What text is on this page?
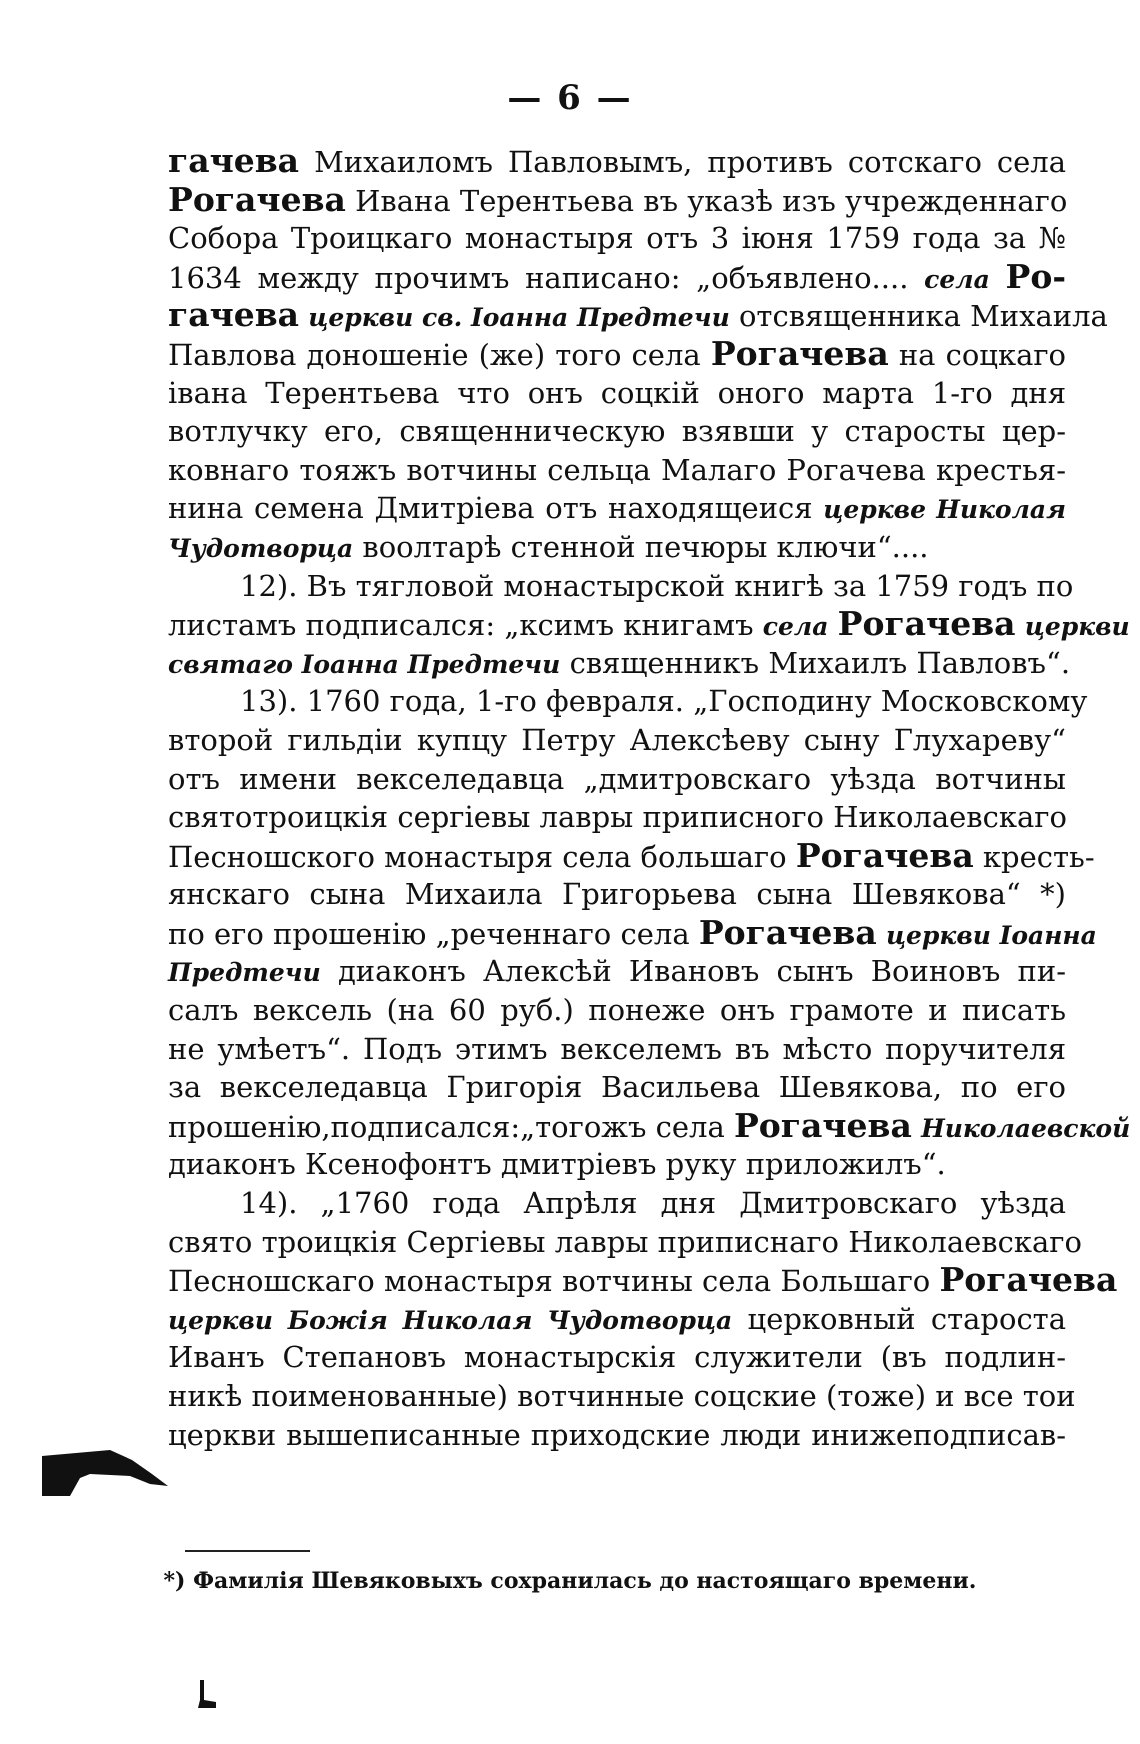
— 6 —
гачева Михаиломъ Павловымъ, противъ сотскаго села
Рогачева Ивана Терентьева въ указѣ изъ учрежденнаго
Собора Троицкаго монастыря отъ 3 іюня 1759 года за №
1634 между прочимъ написано: „объявлено.... села Ро-
гачева церкви св. Іоанна Предтечи отсвященника Михаила
Павлова доношеніе (же) того села Рогачева на соцкаго
івана Терентьева что онъ соцкій оного марта 1-го дня
вотлучку его, священническую взявши у старосты цер-
ковнаго тояжъ вотчины сельца Малаго Рогачева крестья-
нина семена Дмитріева отъ находящеися церкве Николая
Чудотворца воолтарѣ стенной печюры ключи“....
12). Въ тягловой монастырской книгѣ за 1759 годъ по
листамъ подписался: „ксимъ книгамъ села Рогачева церкви
святаго Іоанна Предтечи священникъ Михаилъ Павловъ“.
13). 1760 года, 1-го февраля. „Господину Московскому
второй гильдіи купцу Петру Алексѣеву сыну Глухареву“
отъ имени векселедавца „дмитровскаго уѣзда вотчины
святотроицкія сергіевы лавры приписного Николаевскаго
Песношского монастыря села большаго Рогачева кресть-
янскаго сына Михаила Григорьева сына Шевякова“ *)
по его прошенію „реченнаго села Рогачева церкви Іоанна
Предтечи диаконъ Алексѣй Ивановъ сынъ Воиновъ пи-
салъ вексель (на 60 руб.) понеже онъ грамоте и писать
не умѣетъ“. Подъ этимъ векселемъ въ мѣсто поручителя
за векселедавца Григорія Васильева Шевякова, по его
прошенію,подписался:„тогожъ села Рогачева Николаевской
диаконъ Ксенофонтъ дмитріевъ руку приложилъ“.
14). „1760 года Апрѣля дня Дмитровскаго уѣзда
свято троицкія Сергіевы лавры приписнаго Николаевскаго
Песношскаго монастыря вотчины села Большаго Рогачева
церкви Божія Николая Чудотворца церковный староста
Иванъ Степановъ монастырскія служители (въ подлин-
никѣ поименованные) вотчинные соцские (тоже) и все тои
церкви вышеписанные приходские люди инижеподписав-
*) Фамилія Шевяковыхъ сохранилась до настоящаго времени.
